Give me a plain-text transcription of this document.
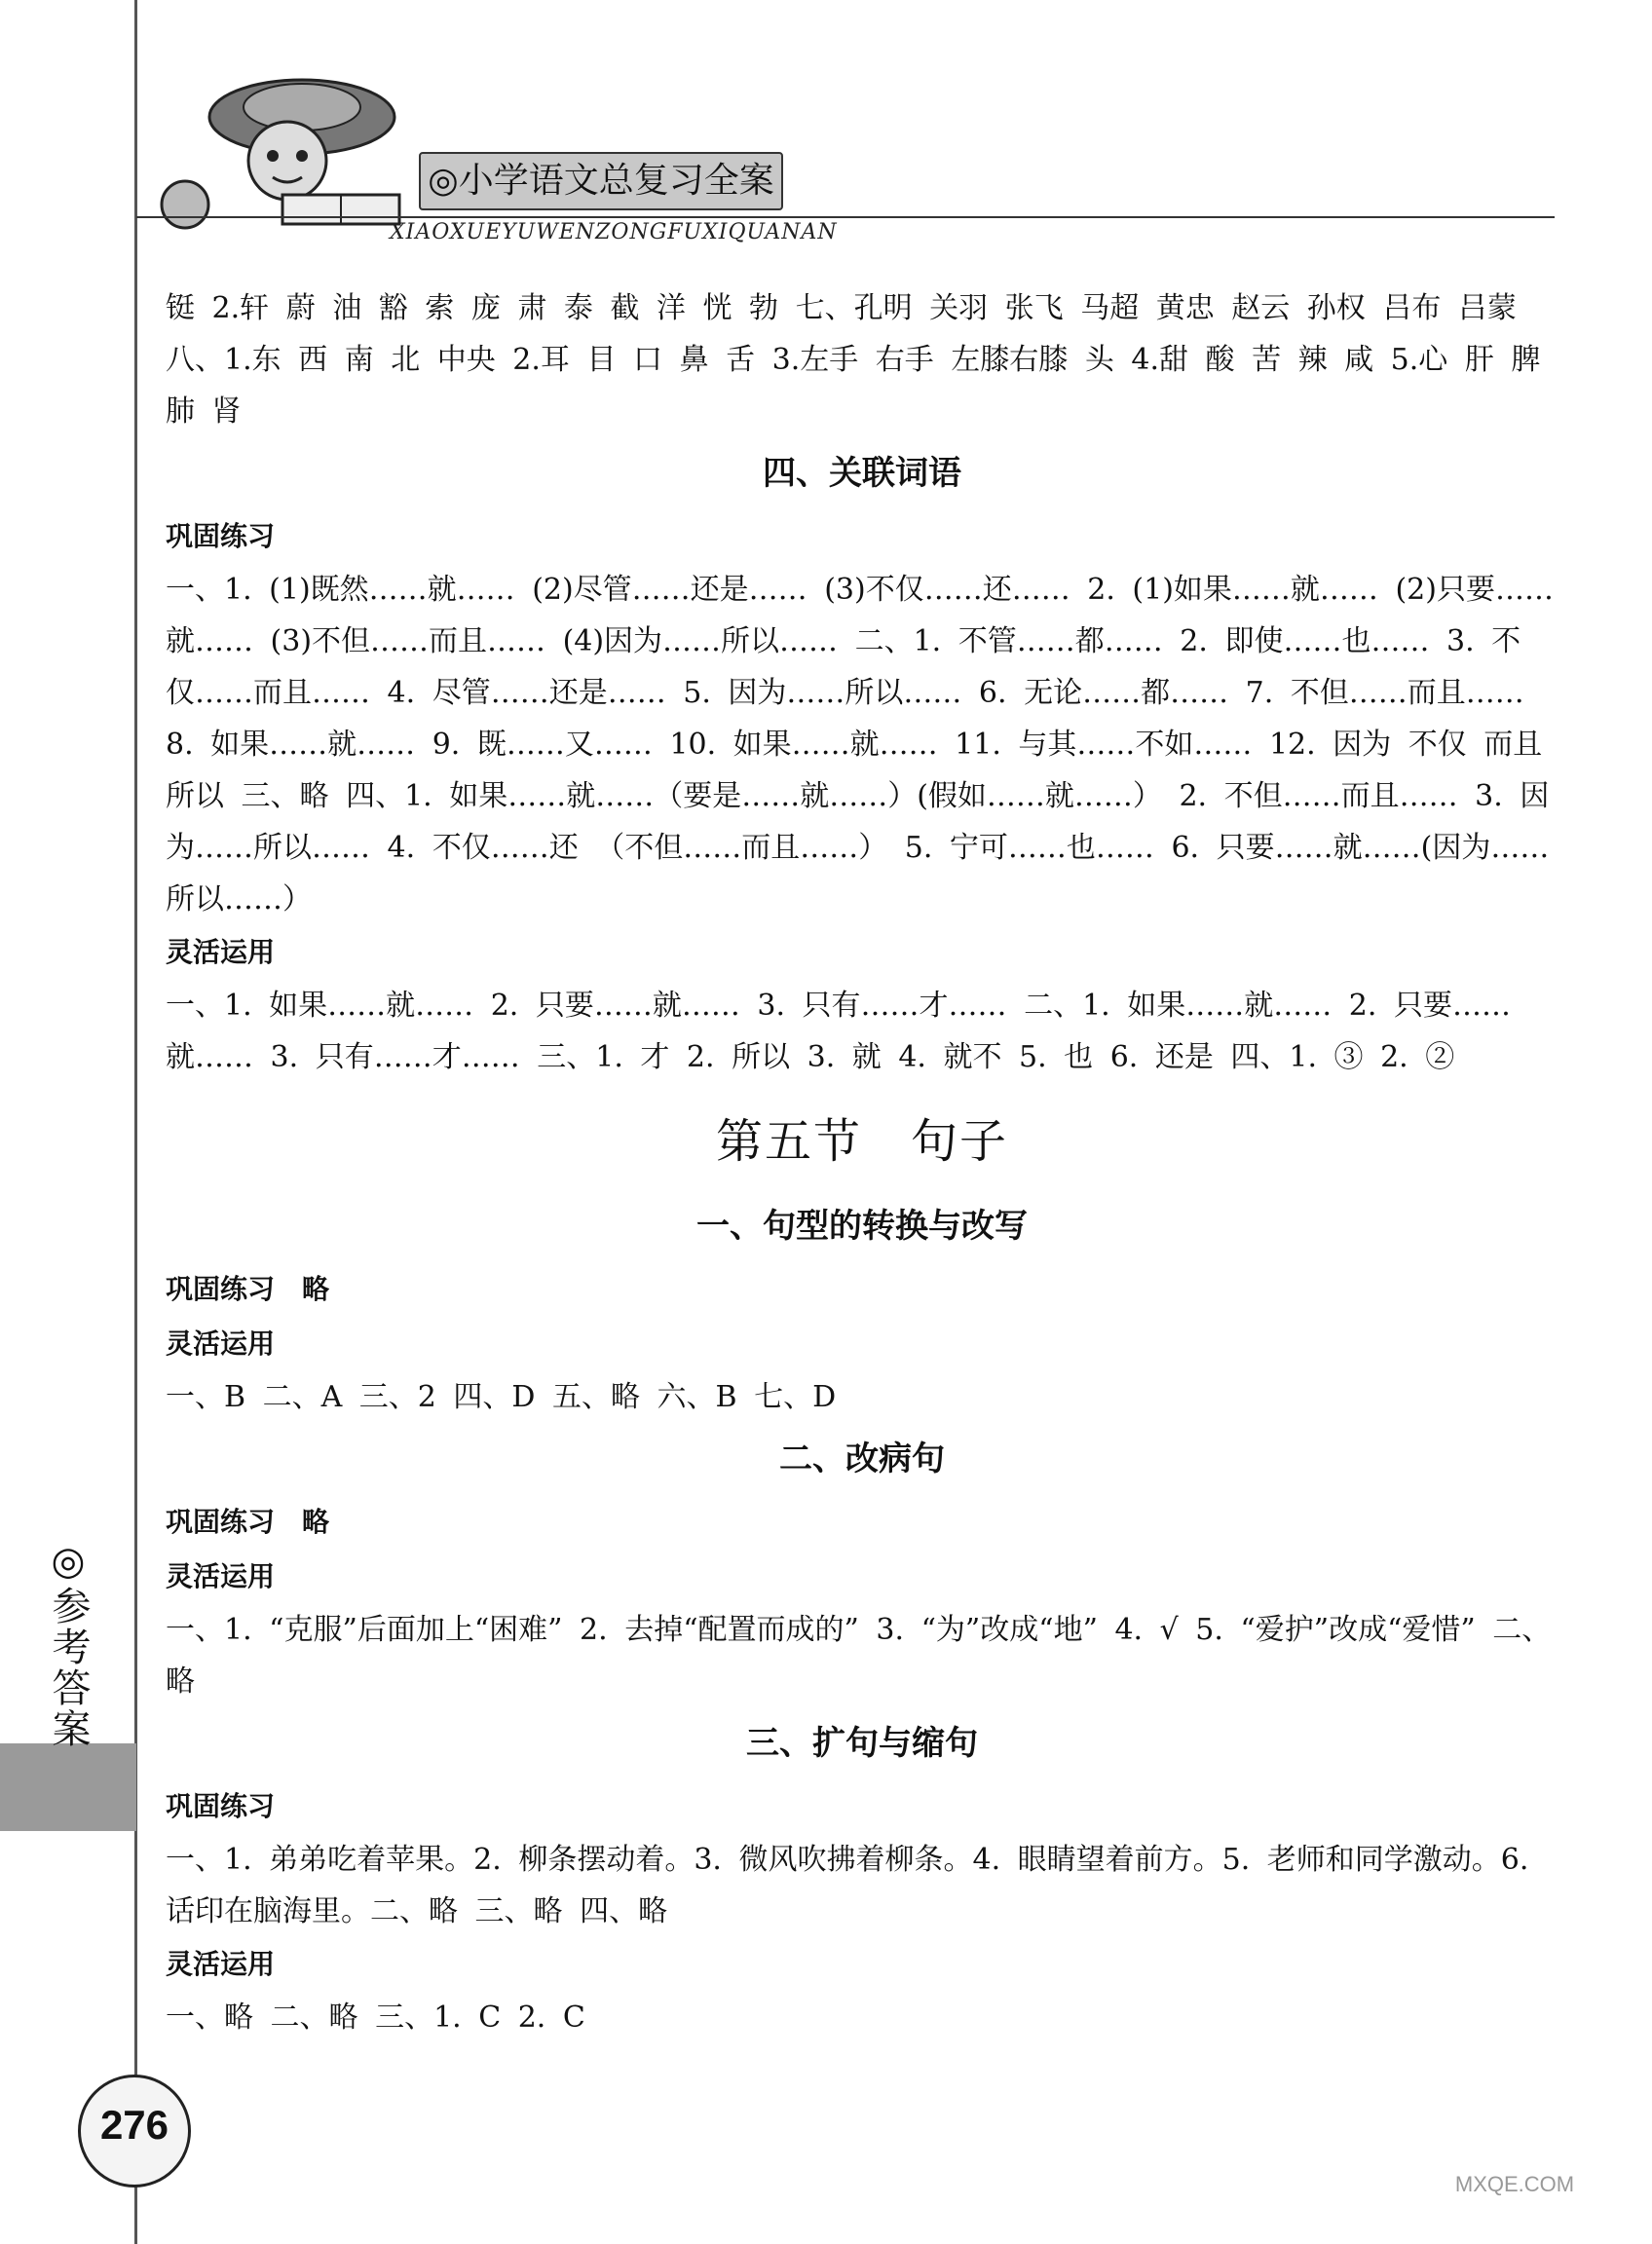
◎参考答案
◎小学语文总复习全案
XIAOXUEYUWENZONGFUXIQUANAN

铤 2.轩 蔚 油 豁 索 庞 肃 泰 截 洋 恍 勃 七、孔明 关羽 张飞 马超 黄忠 赵云 孙权 吕布 吕蒙 八、1.东 西 南 北 中央 2.耳 目 口 鼻 舌 3.左手 右手 左膝右膝 头 4.甜 酸 苦 辣 咸 5.心 肝 脾 肺 肾

四、关联词语

巩固练习

一、1. (1)既然……就…… (2)尽管……还是…… (3)不仅……还…… 2. (1)如果……就…… (2)只要……就…… (3)不但……而且…… (4)因为……所以…… 二、1. 不管……都…… 2. 即使……也…… 3. 不仅……而且…… 4. 尽管……还是…… 5. 因为……所以…… 6. 无论……都…… 7. 不但……而且…… 8. 如果……就…… 9. 既……又…… 10. 如果……就…… 11. 与其……不如…… 12. 因为 不仅 而且 所以 三、略 四、1. 如果……就……（要是……就……）(假如……就……） 2. 不但……而且…… 3. 因为……所以…… 4. 不仅……还 （不但……而且……） 5. 宁可……也…… 6. 只要……就……(因为……所以……）

灵活运用

一、1. 如果……就…… 2. 只要……就…… 3. 只有……才…… 二、1. 如果……就…… 2. 只要……就…… 3. 只有……才…… 三、1. 才 2. 所以 3. 就 4. 就不 5. 也 6. 还是 四、1. ③ 2. ②

第五节　句子
一、句型的转换与改写

巩固练习　略

灵活运用

一、B 二、A 三、2 四、D 五、略 六、B 七、D

二、改病句

巩固练习　略

灵活运用

一、1. “克服”后面加上“困难” 2. 去掉“配置而成的” 3. “为”改成“地” 4. √ 5. “爱护”改成“爱惜” 二、略

三、扩句与缩句

巩固练习

一、1. 弟弟吃着苹果。2. 柳条摆动着。3. 微风吹拂着柳条。4. 眼睛望着前方。5. 老师和同学激动。6. 话印在脑海里。二、略 三、略 四、略

灵活运用

一、略 二、略 三、1. C 2. C

276
MXQE.COM
